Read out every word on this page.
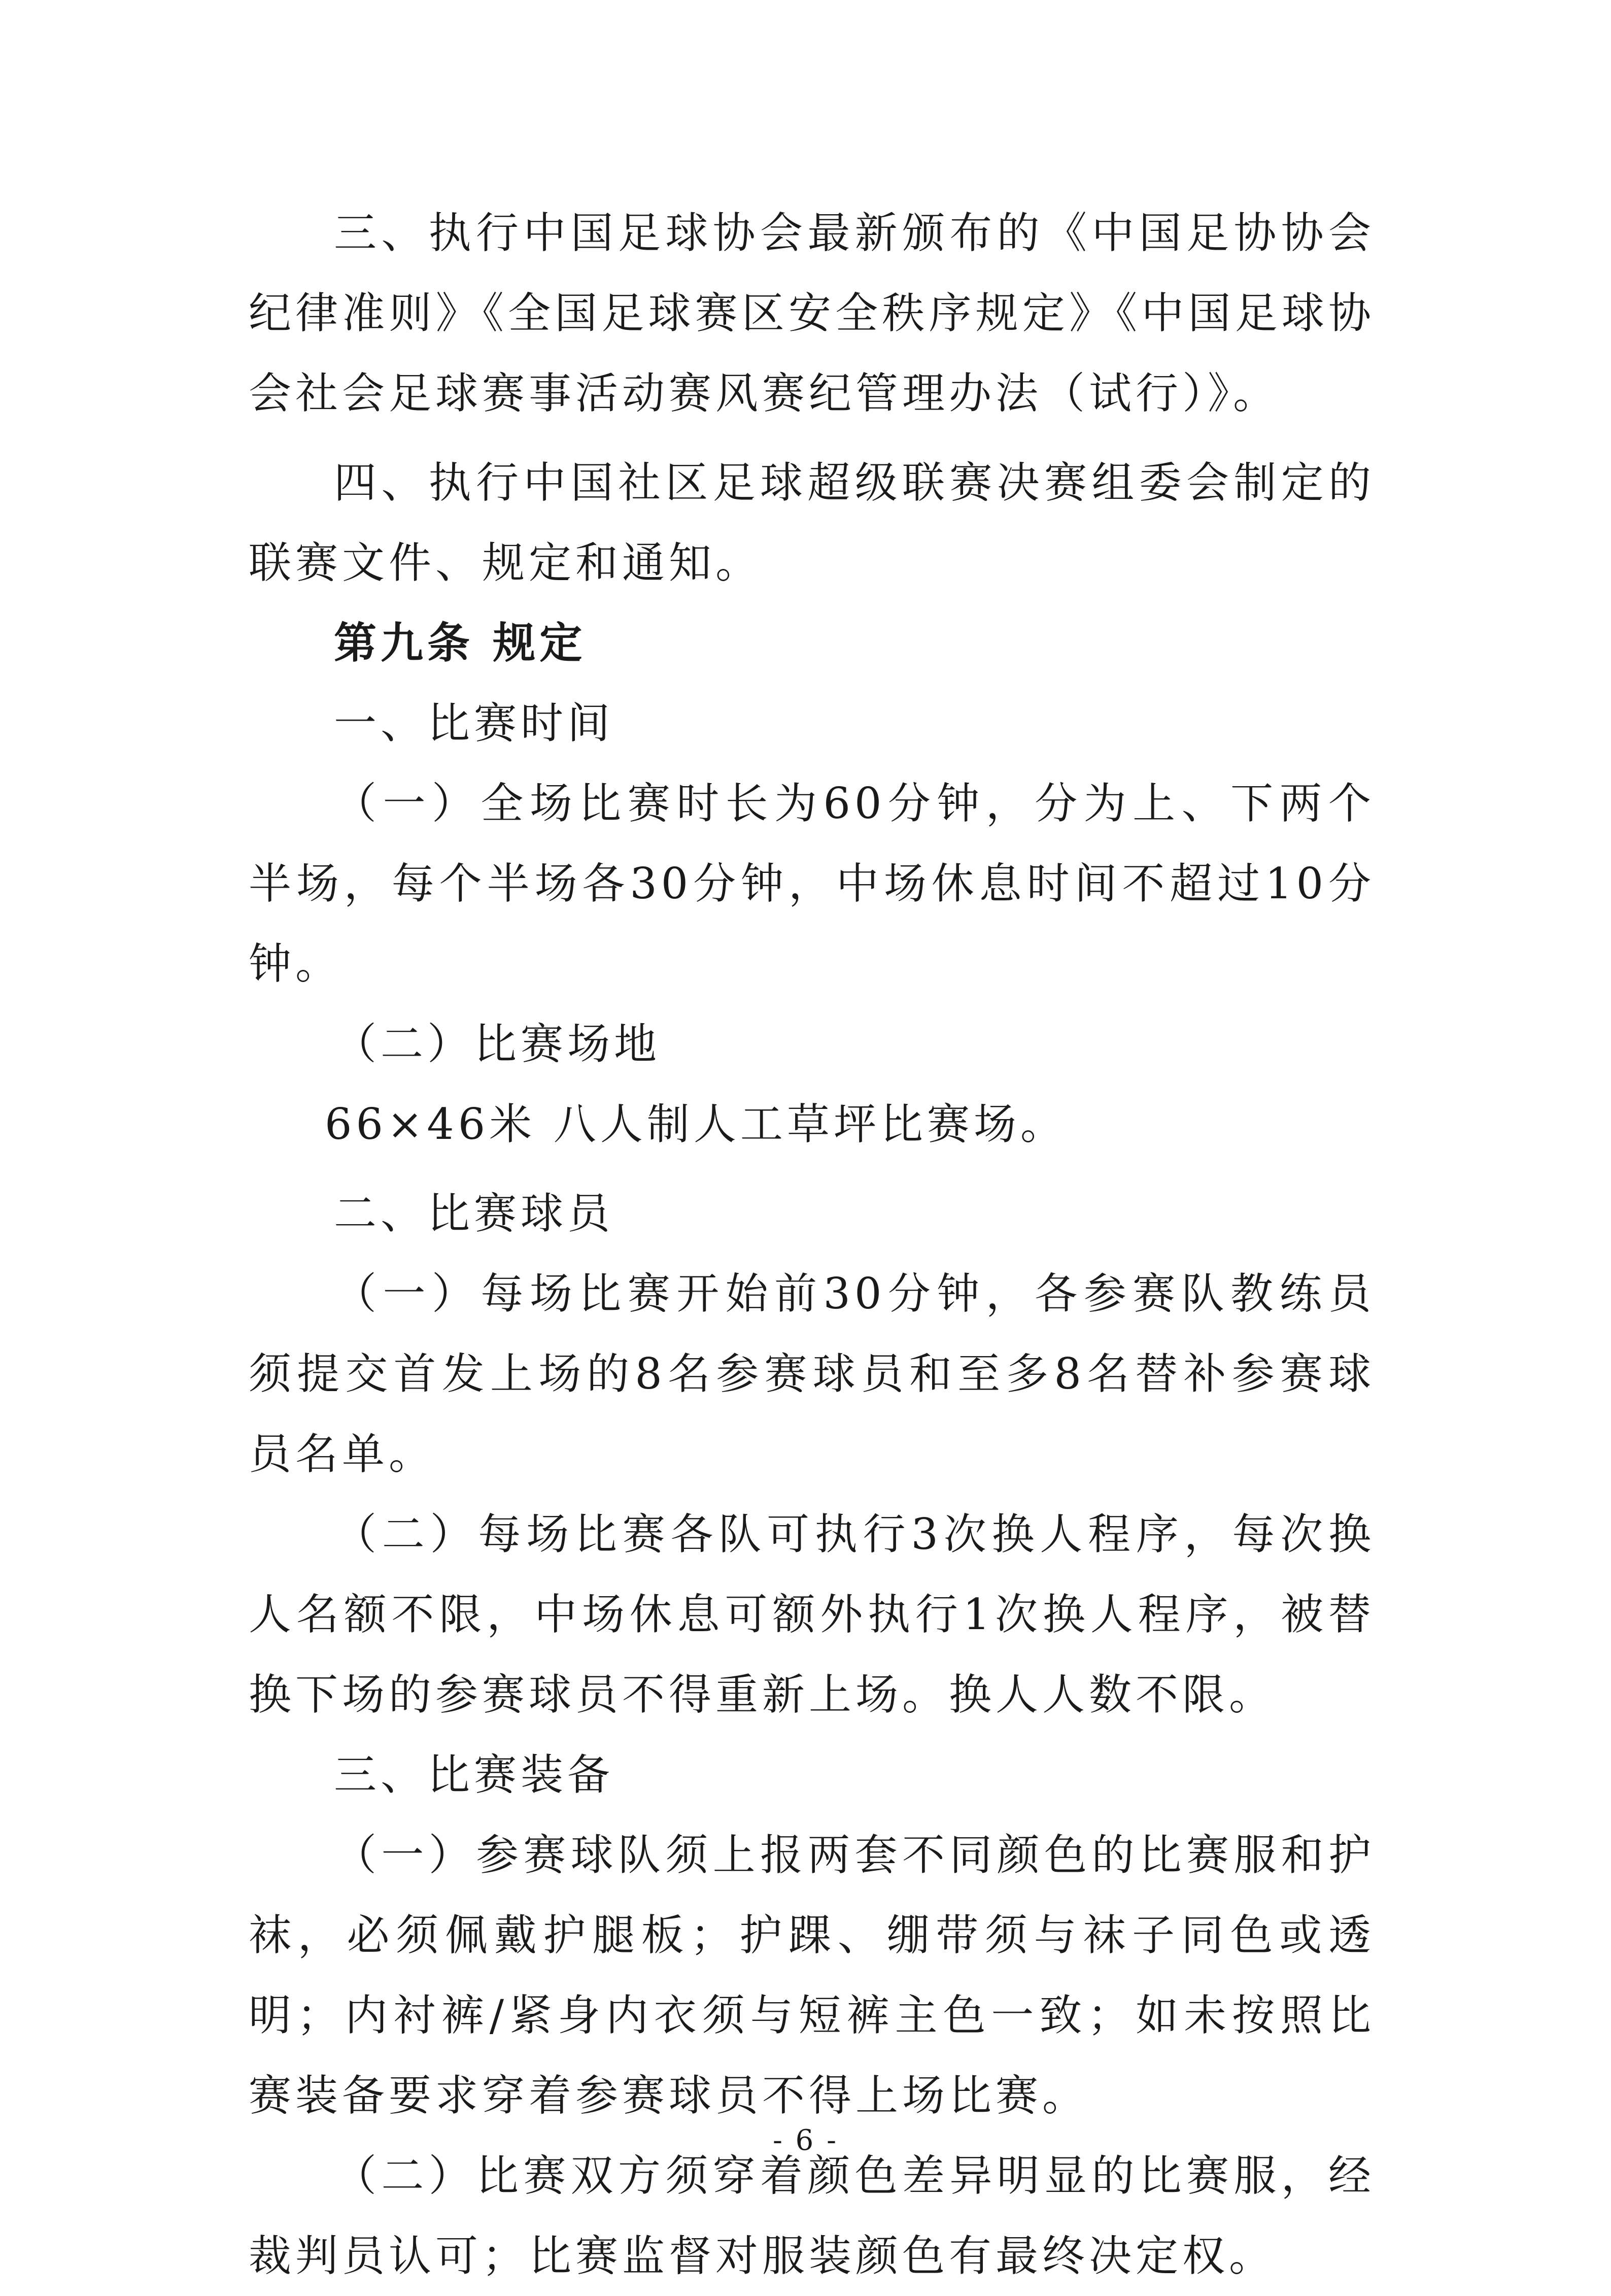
三、执行中国足球协会最新颁布的《中国足协协会纪律准则》《全国足球赛区安全秩序规定》《中国足球协会社会足球赛事活动赛风赛纪管理办法（试行）》。

四、执行中国社区足球超级联赛决赛组委会制定的联赛文件、规定和通知。

第九条 规定

一、比赛时间

（一）全场比赛时长为60分钟，分为上、下两个半场，每个半场各30分钟，中场休息时间不超过10分钟。

（二）比赛场地

66×46米 八人制人工草坪比赛场。

二、比赛球员

（一）每场比赛开始前30分钟，各参赛队教练员须提交首发上场的8名参赛球员和至多8名替补参赛球员名单。

（二）每场比赛各队可执行3次换人程序，每次换人名额不限，中场休息可额外执行1次换人程序，被替换下场的参赛球员不得重新上场。换人人数不限。

三、比赛装备

（一）参赛球队须上报两套不同颜色的比赛服和护袜，必须佩戴护腿板；护踝、绷带须与袜子同色或透明；内衬裤/紧身内衣须与短裤主色一致；如未按照比赛装备要求穿着参赛球员不得上场比赛。

（二）比赛双方须穿着颜色差异明显的比赛服，经裁判员认可；比赛监督对服装颜色有最终决定权。

- 6 -
